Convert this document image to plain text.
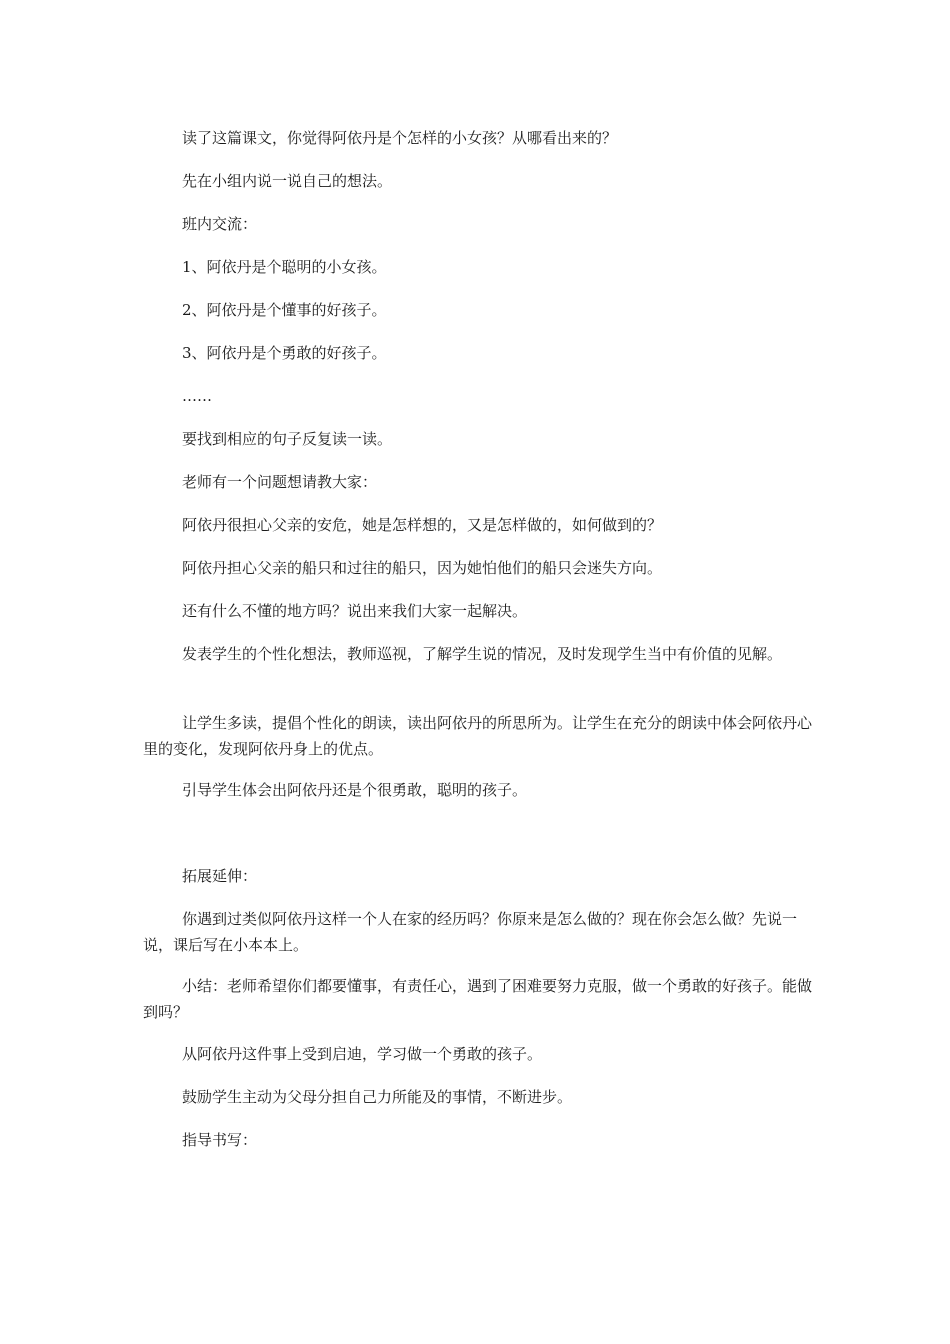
读了这篇课文，你觉得阿依丹是个怎样的小女孩？从哪看出来的？

先在小组内说一说自己的想法。

班内交流：

1、阿依丹是个聪明的小女孩。

2、阿依丹是个懂事的好孩子。

3、阿依丹是个勇敢的好孩子。

……

要找到相应的句子反复读一读。

老师有一个问题想请教大家：

阿依丹很担心父亲的安危，她是怎样想的，又是怎样做的，如何做到的？

阿依丹担心父亲的船只和过往的船只，因为她怕他们的船只会迷失方向。

还有什么不懂的地方吗？说出来我们大家一起解决。

发表学生的个性化想法，教师巡视，了解学生说的情况，及时发现学生当中有价值的见解。

让学生多读，提倡个性化的朗读，读出阿依丹的所思所为。让学生在充分的朗读中体会阿依丹心里的变化，发现阿依丹身上的优点。

引导学生体会出阿依丹还是个很勇敢，聪明的孩子。

拓展延伸：

你遇到过类似阿依丹这样一个人在家的经历吗？你原来是怎么做的？现在你会怎么做？先说一说，课后写在小本本上。

小结：老师希望你们都要懂事，有责任心，遇到了困难要努力克服，做一个勇敢的好孩子。能做到吗？

从阿依丹这件事上受到启迪，学习做一个勇敢的孩子。

鼓励学生主动为父母分担自己力所能及的事情，不断进步。

指导书写：
